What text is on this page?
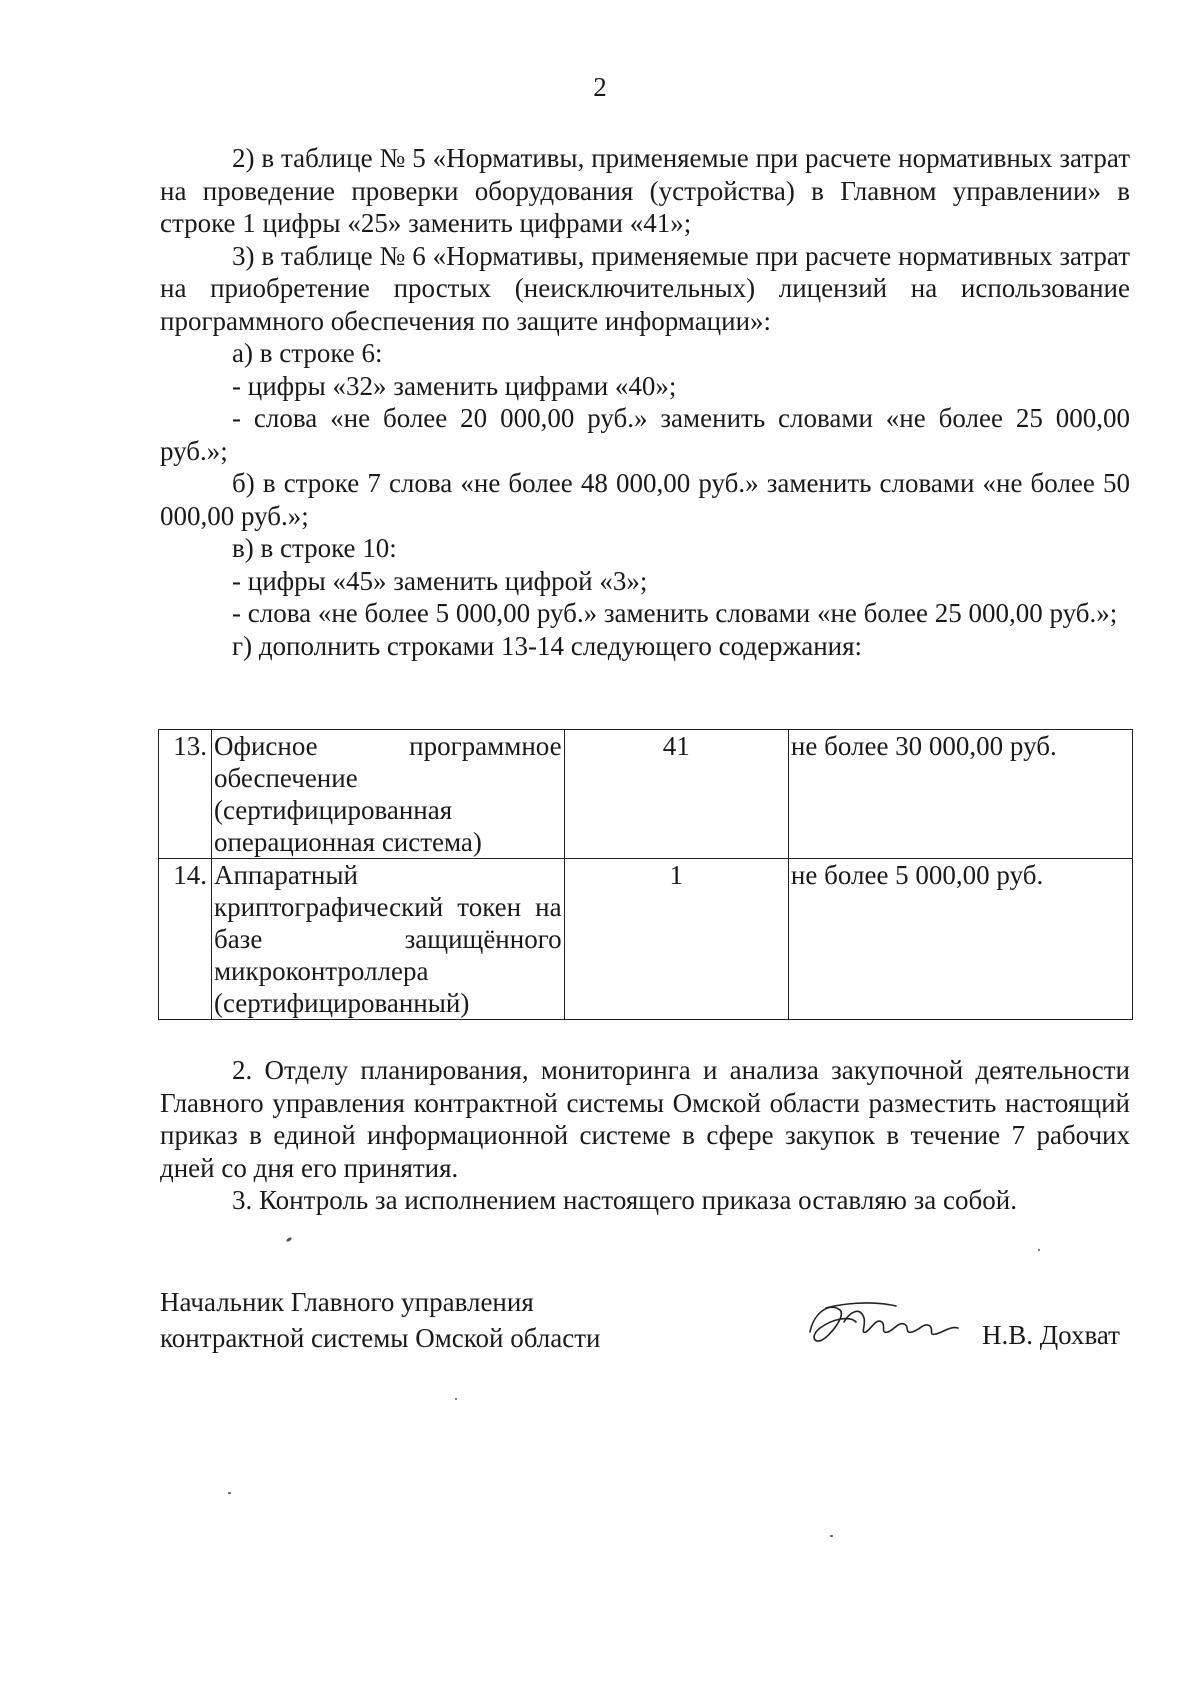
2

2) в таблице № 5 «Нормативы, применяемые при расчете нормативных затрат на проведение проверки оборудования (устройства) в Главном управлении» в строке 1 цифры «25» заменить цифрами «41»;

3) в таблице № 6 «Нормативы, применяемые при расчете нормативных затрат на приобретение простых (неисключительных) лицензий на использование программного обеспечения по защите информации»:

а) в строке 6:

- цифры «32» заменить цифрами «40»;

- слова «не более 20 000,00 руб.» заменить словами «не более 25 000,00 руб.»;

б) в строке 7 слова «не более 48 000,00 руб.» заменить словами «не более 50 000,00 руб.»;

в) в строке 10:

- цифры «45» заменить цифрой «3»;

- слова «не более 5 000,00 руб.» заменить словами «не более 25 000,00 руб.»;

г) дополнить строками 13-14 следующего содержания:

13.	Офисное программное обеспечение (сертифицированная операционная система)	41	не более 30 000,00 руб.
14.	Аппаратный криптографический токен на базе защищённого микроконтроллера (сертифицированный)	1	не более 5 000,00 руб.

2. Отделу планирования, мониторинга и анализа закупочной деятельности Главного управления контрактной системы Омской области разместить настоящий приказ в единой информационной системе в сфере закупок в течение 7 рабочих дней со дня его принятия.

3. Контроль за исполнением настоящего приказа оставляю за собой.

Начальник Главного управления
контрактной системы Омской области	Н.В. Дохват
